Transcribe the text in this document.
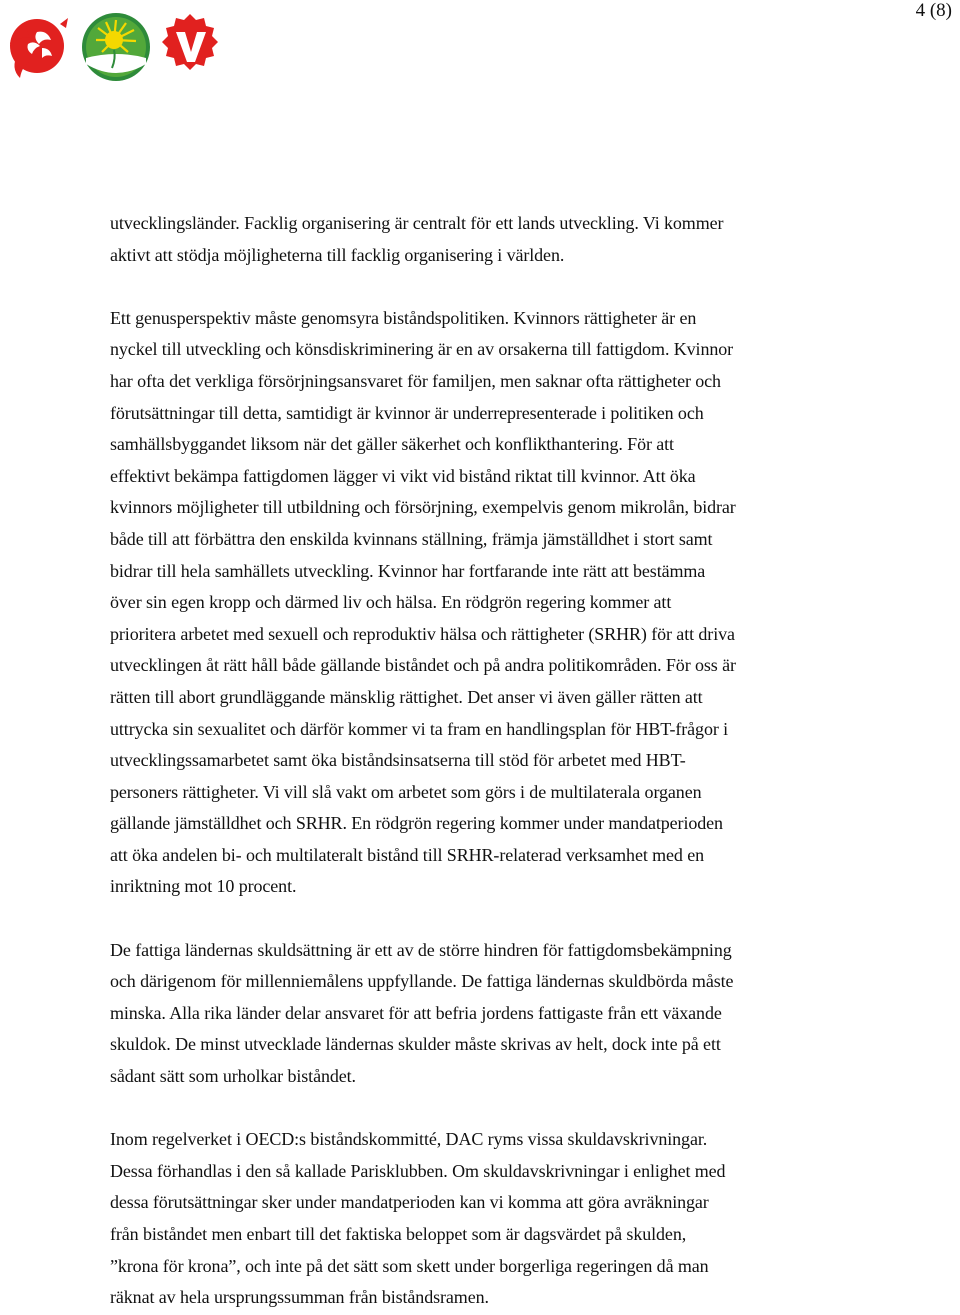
4 (8)

utvecklingsländer. Facklig organisering är centralt för ett lands utveckling. Vi kommer
aktivt att stödja möjligheterna till facklig organisering i världen.

Ett genusperspektiv måste genomsyra biståndspolitiken. Kvinnors rättigheter är en
nyckel till utveckling och könsdiskriminering är en av orsakerna till fattigdom. Kvinnor
har ofta det verkliga försörjningsansvaret för familjen, men saknar ofta rättigheter och
förutsättningar till detta, samtidigt är kvinnor är underrepresenterade i politiken och
samhällsbyggandet liksom när det gäller säkerhet och konflikthantering. För att
effektivt bekämpa fattigdomen lägger vi vikt vid bistånd riktat till kvinnor. Att öka
kvinnors möjligheter till utbildning och försörjning, exempelvis genom mikrolån, bidrar
både till att förbättra den enskilda kvinnans ställning, främja jämställdhet i stort samt
bidrar till hela samhällets utveckling. Kvinnor har fortfarande inte rätt att bestämma
över sin egen kropp och därmed liv och hälsa. En rödgrön regering kommer att
prioritera arbetet med sexuell och reproduktiv hälsa och rättigheter (SRHR) för att driva
utvecklingen åt rätt håll både gällande biståndet och på andra politikområden. För oss är
rätten till abort grundläggande mänsklig rättighet. Det anser vi även gäller rätten att
uttrycka sin sexualitet och därför kommer vi ta fram en handlingsplan för HBT-frågor i
utvecklingssamarbetet samt öka biståndsinsatserna till stöd för arbetet med HBT-
personers rättigheter. Vi vill slå vakt om arbetet som görs i de multilaterala organen
gällande jämställdhet och SRHR. En rödgrön regering kommer under mandatperioden
att öka andelen bi- och multilateralt bistånd till SRHR-relaterad verksamhet med en
inriktning mot 10 procent.

De fattiga ländernas skuldsättning är ett av de större hindren för fattigdomsbekämpning
och därigenom för millenniemålens uppfyllande. De fattiga ländernas skuldbörda måste
minska. Alla rika länder delar ansvaret för att befria jordens fattigaste från ett växande
skuldok. De minst utvecklade ländernas skulder måste skrivas av helt, dock inte på ett
sådant sätt som urholkar biståndet.

Inom regelverket i OECD:s biståndskommitté, DAC ryms vissa skuldavskrivningar.
Dessa förhandlas i den så kallade Parisklubben. Om skuldavskrivningar i enlighet med
dessa förutsättningar sker under mandatperioden kan vi komma att göra avräkningar
från biståndet men enbart till det faktiska beloppet som är dagsvärdet på skulden,
”krona för krona”, och inte på det sätt som skett under borgerliga regeringen då man
räknat av hela ursprungssumman från biståndsramen.
